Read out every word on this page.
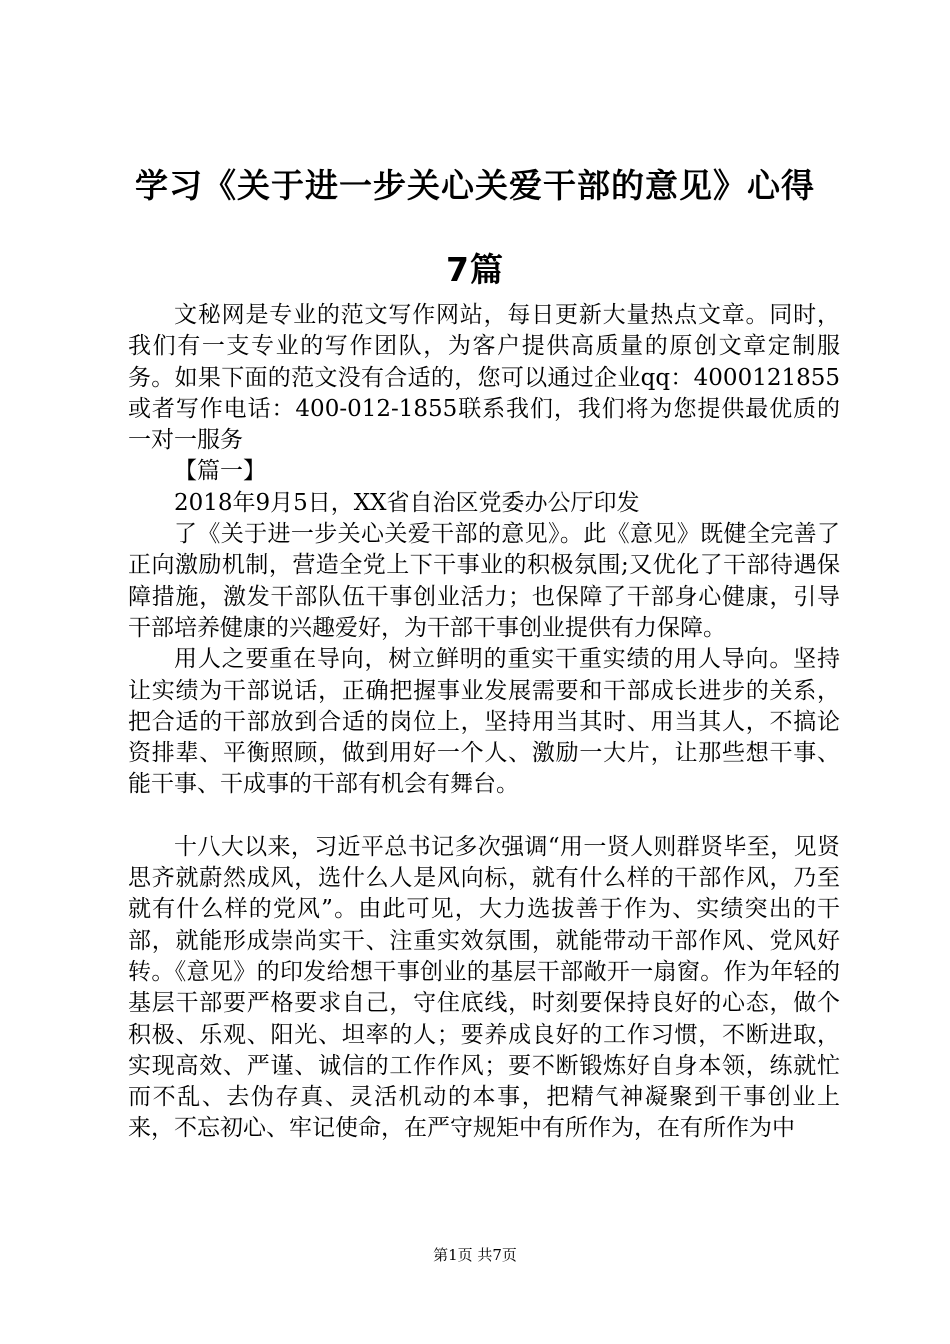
学习《关于进一步关心关爱干部的意见》心得
7篇

文秘网是专业的范文写作网站，每日更新大量热点文章。同时，我们有一支专业的写作团队，为客户提供高质量的原创文章定制服务。如果下面的范文没有合适的，您可以通过企业qq：4000121855或者写作电话：400-012-1855联系我们，我们将为您提供最优质的一对一服务

【篇一】

2018年9月5日，XX省自治区党委办公厅印发

了《关于进一步关心关爱干部的意见》。此《意见》既健全完善了正向激励机制，营造全党上下干事业的积极氛围;又优化了干部待遇保障措施，激发干部队伍干事创业活力；也保障了干部身心健康，引导干部培养健康的兴趣爱好，为干部干事创业提供有力保障。

用人之要重在导向，树立鲜明的重实干重实绩的用人导向。坚持让实绩为干部说话，正确把握事业发展需要和干部成长进步的关系，把合适的干部放到合适的岗位上，坚持用当其时、用当其人，不搞论资排辈、平衡照顾，做到用好一个人、激励一大片，让那些想干事、能干事、干成事的干部有机会有舞台。

十八大以来，习近平总书记多次强调“用一贤人则群贤毕至，见贤思齐就蔚然成风，选什么人是风向标，就有什么样的干部作风，乃至就有什么样的党风”。由此可见，大力选拔善于作为、实绩突出的干部，就能形成崇尚实干、注重实效氛围，就能带动干部作风、党风好转。《意见》的印发给想干事创业的基层干部敞开一扇窗。作为年轻的基层干部要严格要求自己，守住底线，时刻要保持良好的心态，做个积极、乐观、阳光、坦率的人；要养成良好的工作习惯，不断进取，实现高效、严谨、诚信的工作作风；要不断锻炼好自身本领，练就忙而不乱、去伪存真、灵活机动的本事，把精气神凝聚到干事创业上来，不忘初心、牢记使命，在严守规矩中有所作为，在有所作为中

第1页 共7页
